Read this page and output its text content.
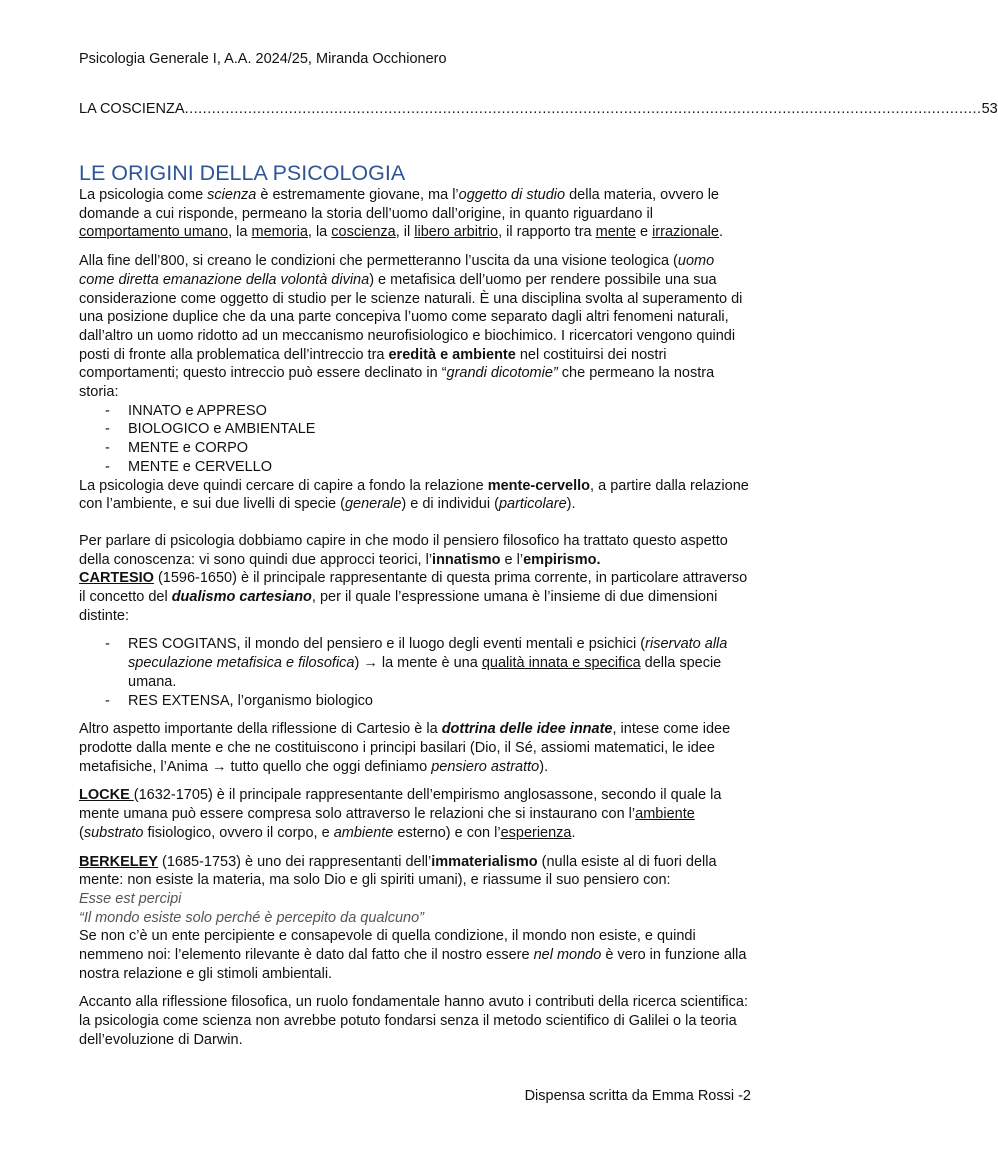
Psicologia Generale I, A.A. 2024/25, Miranda Occhionero
LA COSCIENZA ................................................................................................................................................................................ 53
LE ORIGINI DELLA PSICOLOGIA

La psicologia come scienza è estremamente giovane, ma l’oggetto di studio della materia, ovvero le domande a cui risponde, permeano la storia dell’uomo dall’origine, in quanto riguardano il comportamento umano, la memoria, la coscienza, il libero arbitrio, il rapporto tra mente e irrazionale.

Alla fine dell’800, si creano le condizioni che permetteranno l’uscita da una visione teologica (uomo come diretta emanazione della volontà divina) e metafisica dell’uomo per rendere possibile una sua considerazione come oggetto di studio per le scienze naturali. È una disciplina svolta al superamento di una posizione duplice che da una parte concepiva l’uomo come separato dagli altri fenomeni naturali, dall’altro un uomo ridotto ad un meccanismo neurofisiologico e biochimico. I ricercatori vengono quindi posti di fronte alla problematica dell’intreccio tra eredità e ambiente nel costituirsi dei nostri comportamenti; questo intreccio può essere declinato in “grandi dicotomie” che permeano la nostra storia:

- INNATO e APPRESO
- BIOLOGICO e AMBIENTALE
- MENTE e CORPO
- MENTE e CERVELLO

La psicologia deve quindi cercare di capire a fondo la relazione mente-cervello, a partire dalla relazione con l’ambiente, e sui due livelli di specie (generale) e di individui (particolare).

Per parlare di psicologia dobbiamo capire in che modo il pensiero filosofico ha trattato questo aspetto della conoscenza: vi sono quindi due approcci teorici, l’innatismo e l’empirismo.
CARTESIO (1596-1650) è il principale rappresentante di questa prima corrente, in particolare attraverso il concetto del dualismo cartesiano, per il quale l’espressione umana è l’insieme di due dimensioni distinte:

- RES COGITANS, il mondo del pensiero e il luogo degli eventi mentali e psichici (riservato alla speculazione metafisica e filosofica) → la mente è una qualità innata e specifica della specie umana.
- RES EXTENSA, l’organismo biologico

Altro aspetto importante della riflessione di Cartesio è la dottrina delle idee innate, intese come idee prodotte dalla mente e che ne costituiscono i principi basilari (Dio, il Sé, assiomi matematici, le idee metafisiche, l’Anima → tutto quello che oggi definiamo pensiero astratto).

LOCKE (1632-1705) è il principale rappresentante dell’empirismo anglosassone, secondo il quale la mente umana può essere compresa solo attraverso le relazioni che si instaurano con l’ambiente (substrato fisiologico, ovvero il corpo, e ambiente esterno) e con l’esperienza.

BERKELEY (1685-1753) è uno dei rappresentanti dell’immaterialismo (nulla esiste al di fuori della mente: non esiste la materia, ma solo Dio e gli spiriti umani), e riassume il suo pensiero con:
Esse est percipi
“Il mondo esiste solo perché è percepito da qualcuno”
Se non c’è un ente percipiente e consapevole di quella condizione, il mondo non esiste, e quindi nemmeno noi: l’elemento rilevante è dato dal fatto che il nostro essere nel mondo è vero in funzione alla nostra relazione e gli stimoli ambientali.

Accanto alla riflessione filosofica, un ruolo fondamentale hanno avuto i contributi della ricerca scientifica: la psicologia come scienza non avrebbe potuto fondarsi senza il metodo scientifico di Galilei o la teoria dell’evoluzione di Darwin.

Dispensa scritta da Emma Rossi -2
